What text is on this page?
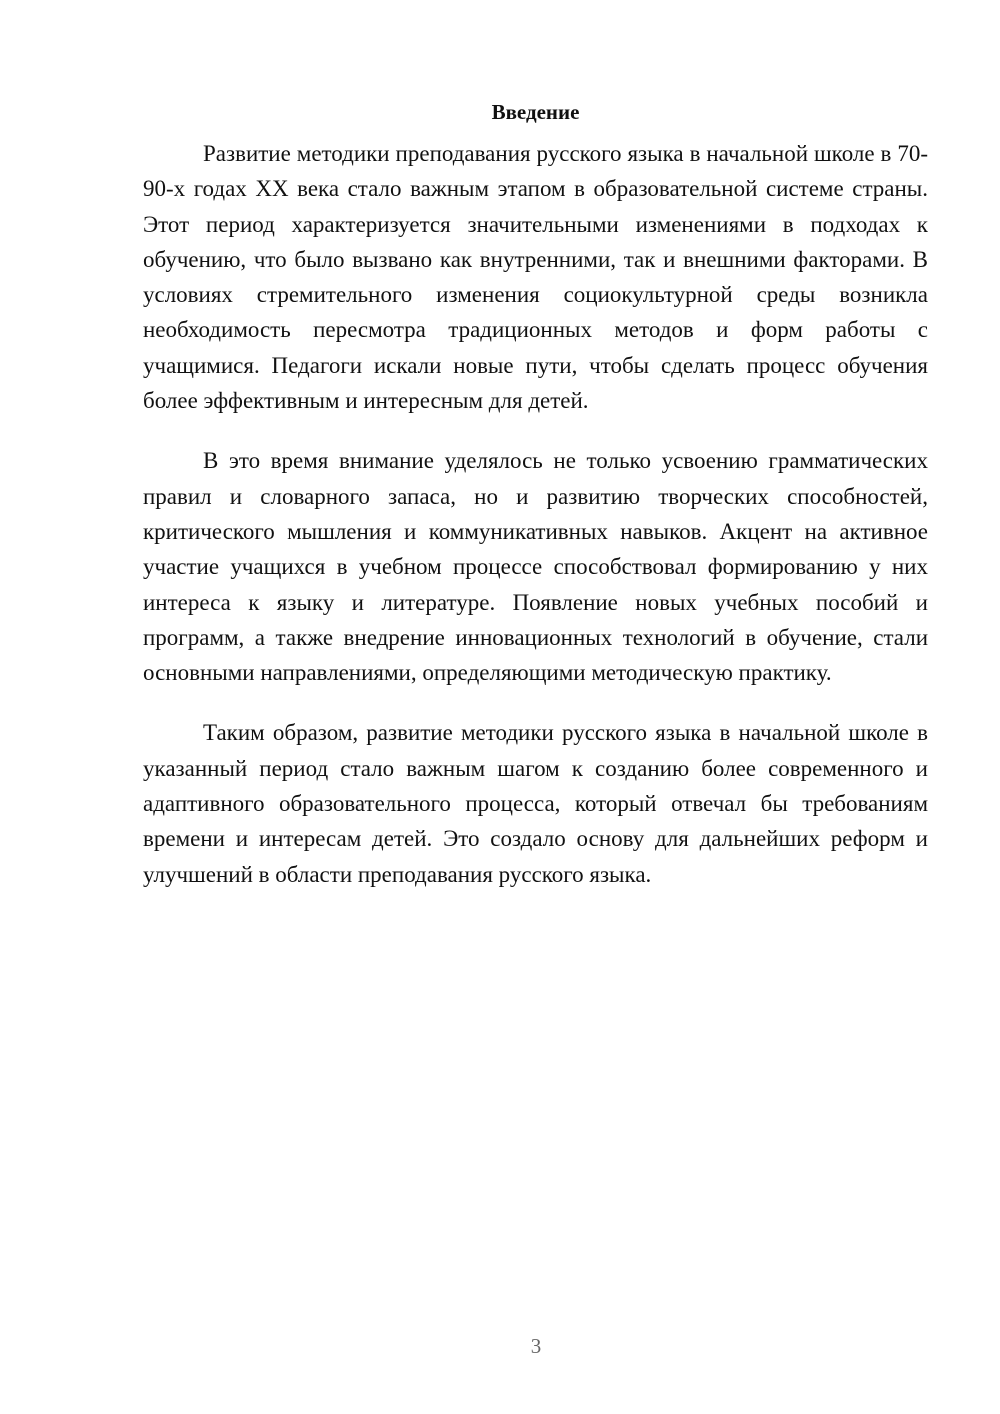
Введение

Развитие методики преподавания русского языка в начальной школе в 70-90-х годах XX века стало важным этапом в образовательной системе страны. Этот период характеризуется значительными изменениями в подходах к обучению, что было вызвано как внутренними, так и внешними факторами. В условиях стремительного изменения социокультурной среды возникла необходимость пересмотра традиционных методов и форм работы с учащимися. Педагоги искали новые пути, чтобы сделать процесс обучения более эффективным и интересным для детей.

В это время внимание уделялось не только усвоению грамматических правил и словарного запаса, но и развитию творческих способностей, критического мышления и коммуникативных навыков. Акцент на активное участие учащихся в учебном процессе способствовал формированию у них интереса к языку и литературе. Появление новых учебных пособий и программ, а также внедрение инновационных технологий в обучение, стали основными направлениями, определяющими методическую практику.

Таким образом, развитие методики русского языка в начальной школе в указанный период стало важным шагом к созданию более современного и адаптивного образовательного процесса, который отвечал бы требованиям времени и интересам детей. Это создало основу для дальнейших реформ и улучшений в области преподавания русского языка.

3
